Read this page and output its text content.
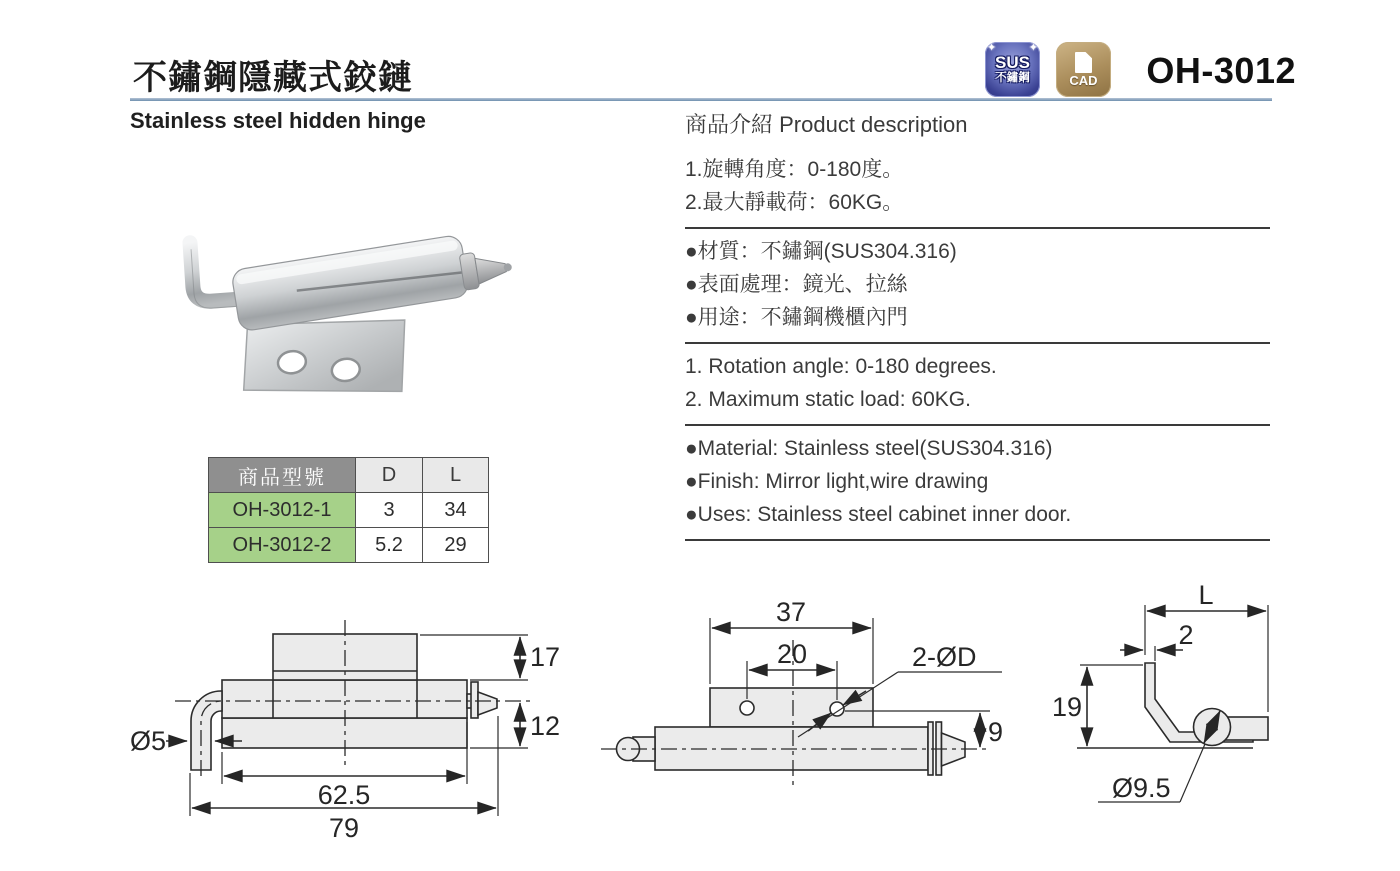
不鏽鋼隱藏式鉸鏈
Stainless steel hidden hinge
OH-3012
✦	✦
SUS
不鏽鋼	CAD
商品介紹 Product description
1.旋轉角度：0-180度。
2.最大靜載荷：60KG。
●材質：不鏽鋼(SUS304.316)
●表面處理：鏡光、拉絲
●用途：不鏽鋼機櫃內門
1. Rotation angle: 0-180 degrees.
2. Maximum static load: 60KG.
●Material: Stainless steel(SUS304.316)
●Finish: Mirror light,wire drawing
●Uses: Stainless steel cabinet inner door.
商品型號	D	L
OH-3012-1	3	34
OH-3012-2	5.2	29
17
12
62.5
79
Ø5
37
20
9
2-ØD
L
2
19
Ø9.5
